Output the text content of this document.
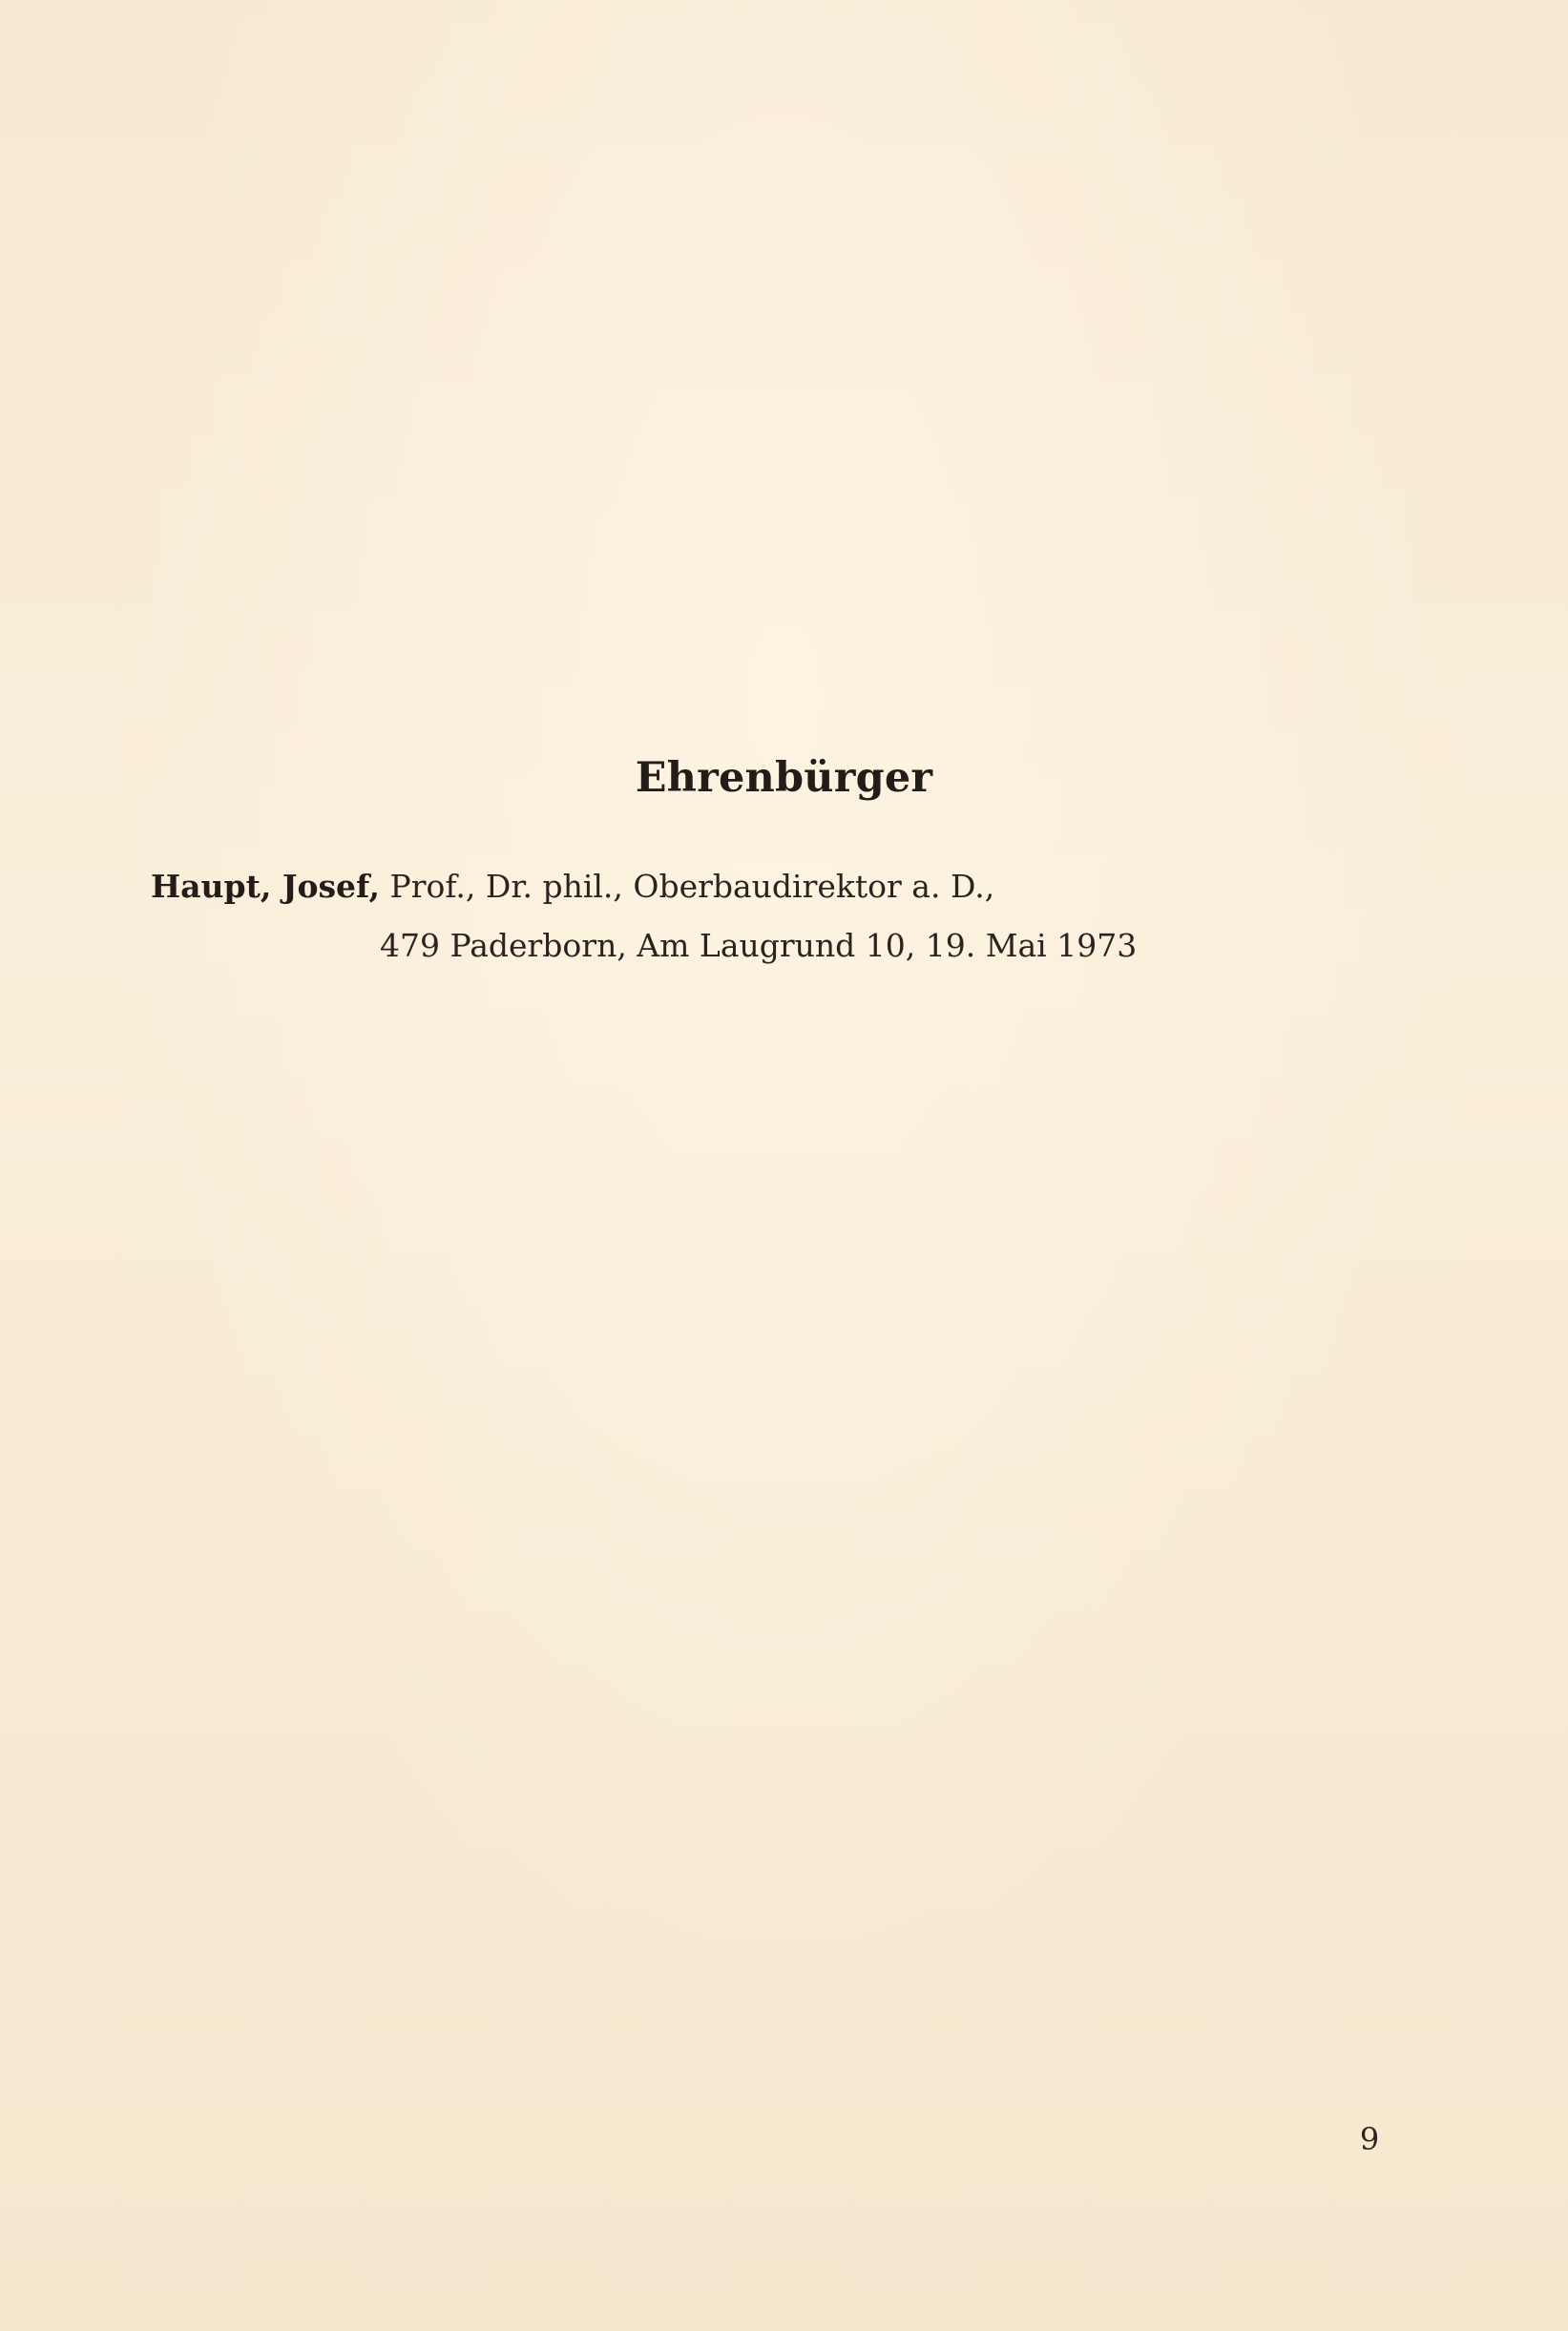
Ehrenbürger
Haupt, Josef, Prof., Dr. phil., Oberbaudirektor a. D.,
479 Paderborn, Am Laugrund 10, 19. Mai 1973
9
